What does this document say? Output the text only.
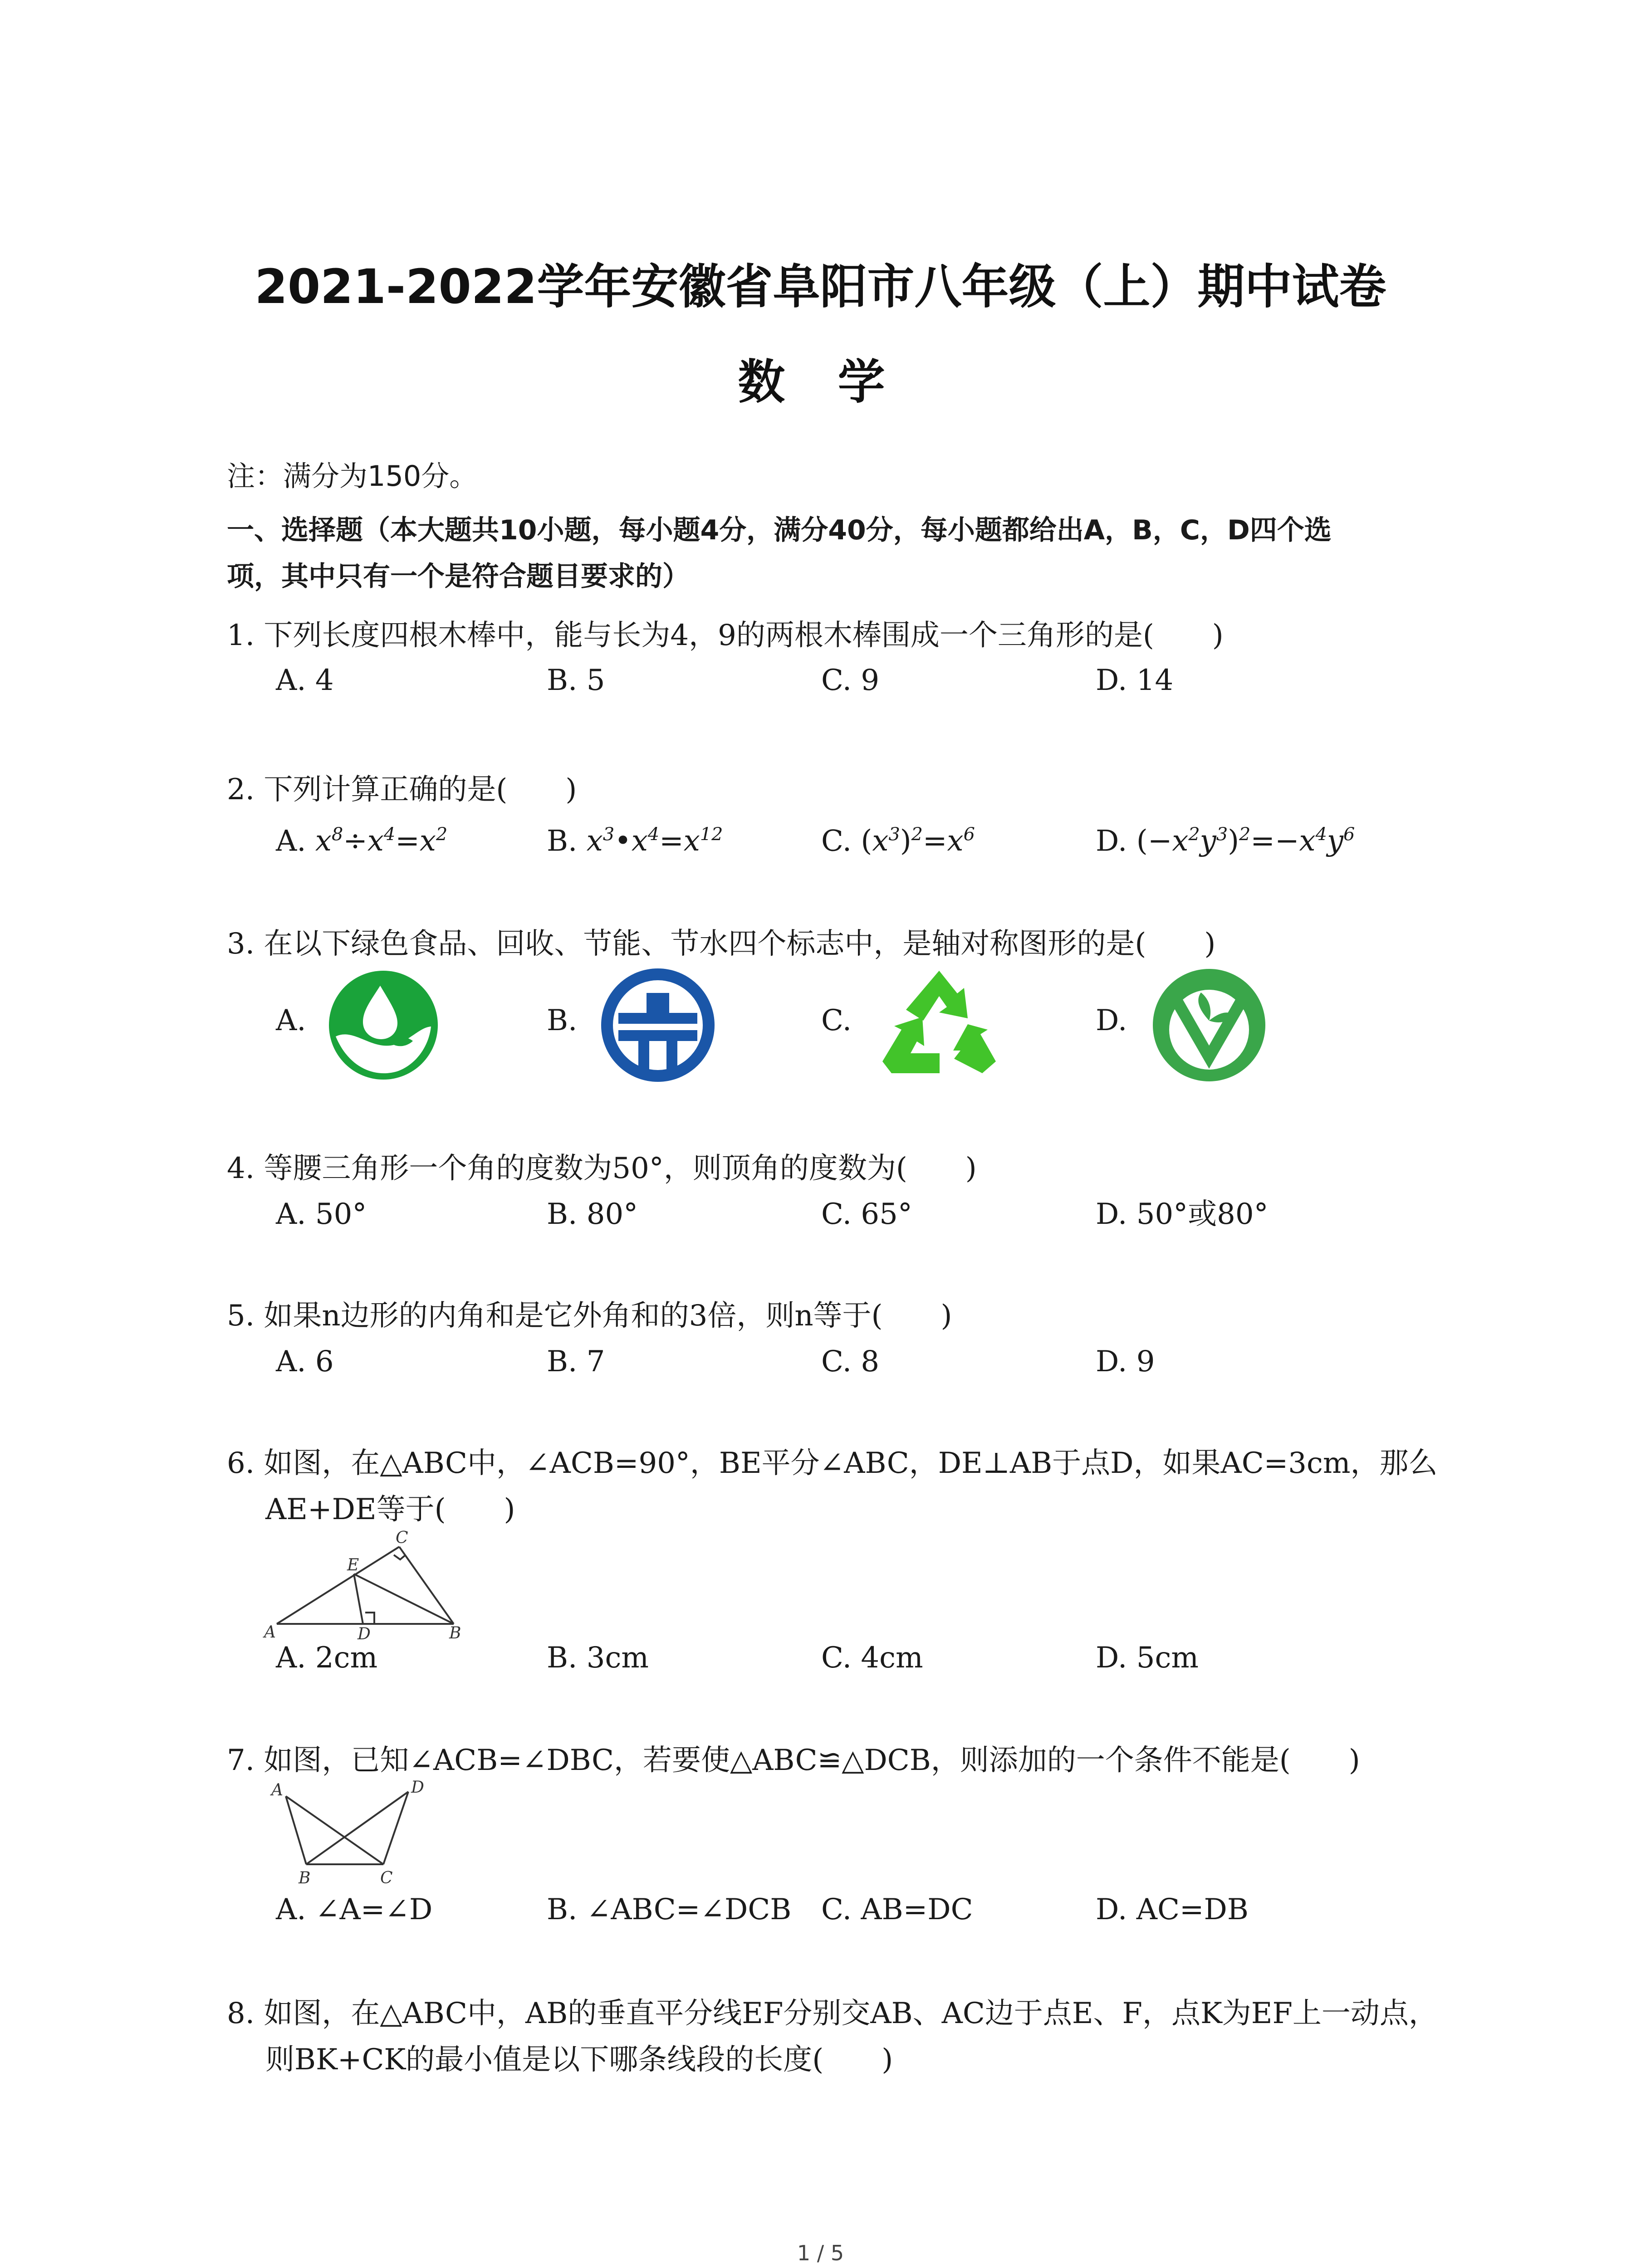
2021-2022学年安徽省阜阳市八年级（上）期中试卷
数 学
注：满分为150分。
一、选择题（本大题共10小题，每小题4分，满分40分，每小题都给出A，B，C，D四个选
项，其中只有一个是符合题目要求的）
1. 下列长度四根木棒中，能与长为4，9的两根木棒围成一个三角形的是(　　)
A. 4	B. 5	C. 9	D. 14
2. 下列计算正确的是(　　)
A. $x^8\div x^4=x^2$	B. $x^3•x^4=x^{12}$	C. $(x^3)^2=x^6$	D. $(-x^2y^3)^2=-x^4y^6$
3. 在以下绿色食品、回收、节能、节水四个标志中，是轴对称图形的是(　　)
A.	B.	C.	D.
4. 等腰三角形一个角的度数为50°，则顶角的度数为(　　)
A. 50°	B. 80°	C. 65°	D. 50°或80°
5. 如果n边形的内角和是它外角和的3倍，则n等于(　　)
A. 6	B. 7	C. 8	D. 9
6. 如图，在△ABC中，∠ACB=90°，BE平分∠ABC，DE⊥AB于点D，如果AC=3cm，那么
AE+DE等于(　　)
A	B
C
D
E
A. 2cm	B. 3cm	C. 4cm	D. 5cm
7. 如图，已知∠ACB=∠DBC，若要使△ABC≌△DCB，则添加的一个条件不能是(　　)
A
B	C
D
A. ∠A=∠D	B. ∠ABC=∠DCB C. AB=DC	D. AC=DB
8. 如图，在△ABC中，AB的垂直平分线EF分别交AB、AC边于点E、F，点K为EF上一动点，
则BK+CK的最小值是以下哪条线段的长度(　　)
1 / 5
